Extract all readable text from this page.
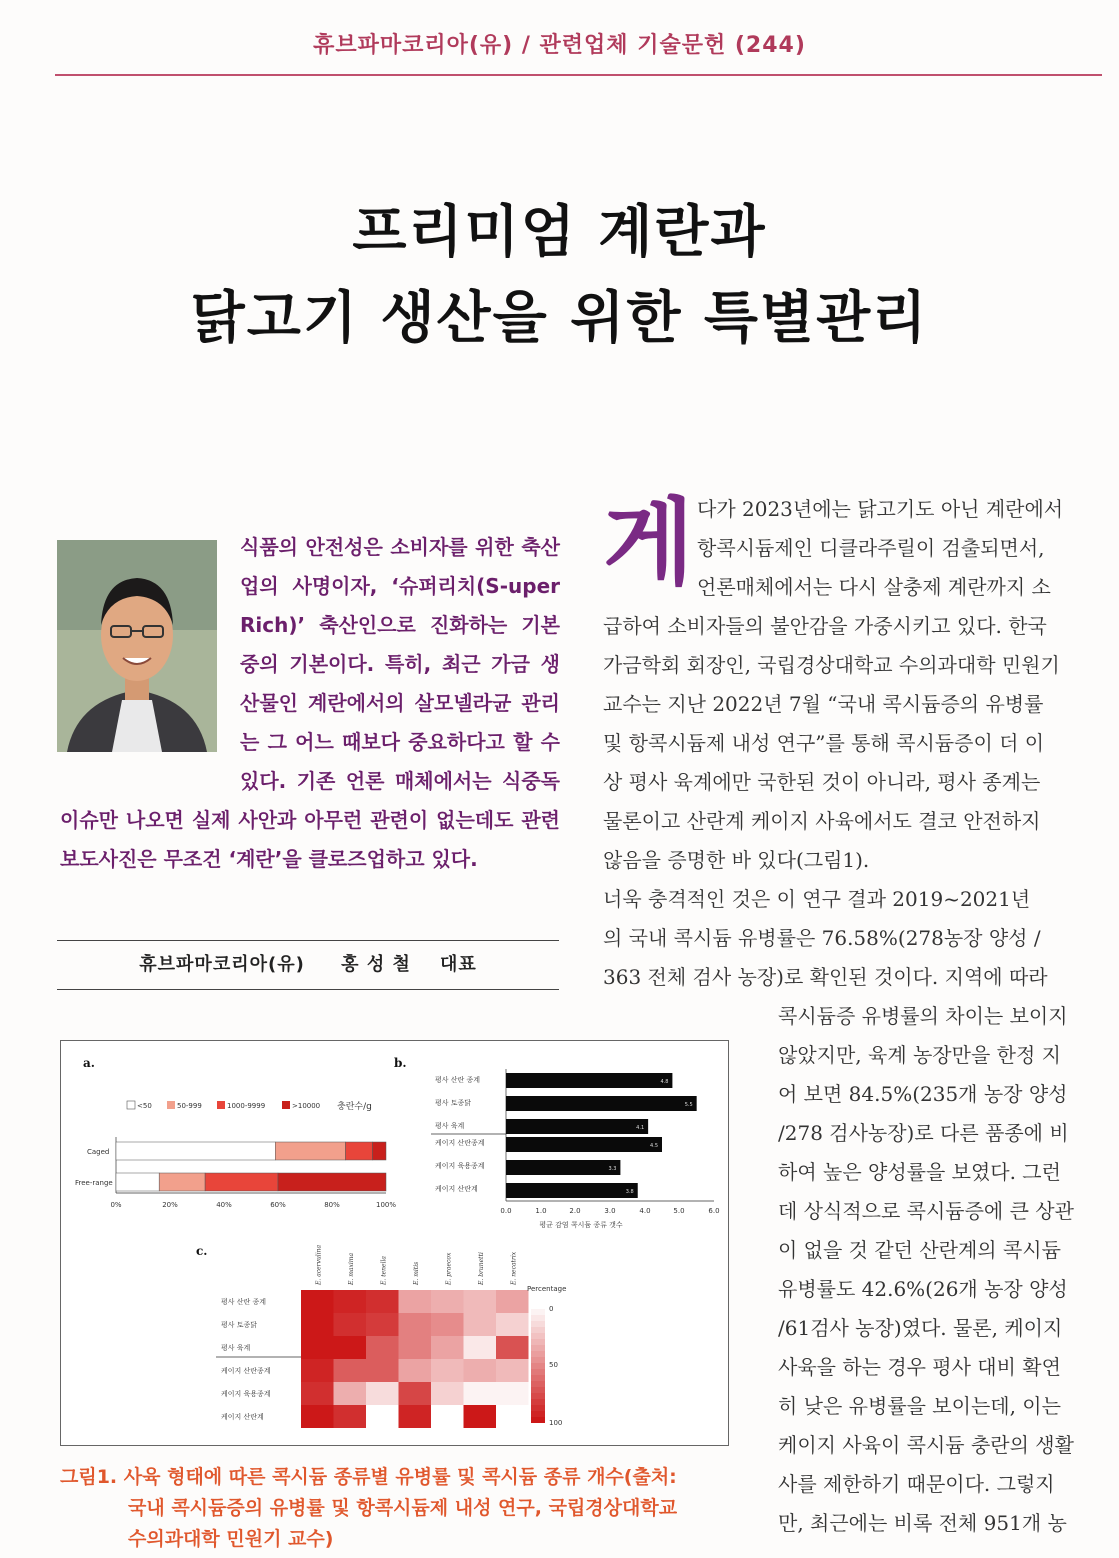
휴브파마코리아(유) / 관련업체 기술문헌 (244)
프리미엄 계란과
닭고기 생산을 위한 특별관리

식품의 안전성은 소비자를 위한 축산업의 사명이자, ‘슈퍼리치(S-uper Rich)’ 축산인으로 진화하는 기본 중의 기본이다. 특히, 최근 가금 생산물인 계란에서의 살모넬라균 관리는 그 어느 때보다 중요하다고 할 수 있다. 기존 언론 매체에서는 식중독 이슈만 나오면 실제 사안과 아무런 관련이 없는데도 관련 보도사진은 무조건 ‘계란’을 클로즈업하고 있다.

휴브파마코리아(유) 홍 성 철 대표
게 다가 2023년에는 닭고기도 아닌 계란에서
항콕시듐제인 디클라주릴이 검출되면서,
언론매체에서는 다시 살충제 계란까지 소
급하여 소비자들의 불안감을 가중시키고 있다. 한국
가금학회 회장인, 국립경상대학교 수의과대학 민원기
교수는 지난 2022년 7월 “국내 콕시듐증의 유병률
및 항콕시듐제 내성 연구”를 통해 콕시듐증이 더 이
상 평사 육계에만 국한된 것이 아니라, 평사 종계는
물론이고 산란계 케이지 사육에서도 결코 안전하지
않음을 증명한 바 있다(그림1).
너욱 충격적인 것은 이 연구 결과 2019~2021년
의 국내 콕시듐 유병률은 76.58%(278농장 양성 /
363 전체 검사 농장)로 확인된 것이다. 지역에 따라
콕시듐증 유병률의 차이는 보이지
않았지만, 육계 농장만을 한정 지
어 보면 84.5%(235개 농장 양성
/278 검사농장)로 다른 품종에 비
하여 높은 양성률을 보였다. 그런
데 상식적으로 콕시듐증에 큰 상관
이 없을 것 같던 산란계의 콕시듐
유병률도 42.6%(26개 농장 양성
/61검사 농장)였다. 물론, 케이지
사육을 하는 경우 평사 대비 확연
히 낮은 유병률을 보이는데, 이는
케이지 사육이 콕시듐 충란의 생활
사를 제한하기 때문이다. 그렇지
만, 최근에는 비록 전체 951개 농
a.	b.
c.
<50	50-999	1000-9999	>10000 충란수/g
Caged
Free-range
0%	20%	40%	60%	80%	100%
평사 산란 종계
평사 토종닭
평사 육계
케이지 산란종계
케이지 육용종계
케이지 산란계
4.8
5.5
4.1
4.5
3.3
3.8
0.0	1.0	2.0	3.0	4.0	5.0	6.0
평균 감염 콕시듐 종류 갯수
E. acervulina	E. maxima	E. tenella	E. mitis	E. praecox	E. brunetti	E. necatrix
평사 산란 종계
평사 토종닭
평사 육계
케이지 산란종계
케이지 육용종계
케이지 산란계
Percentage
0
50
100
그림1. 사육 형태에 따른 콕시듐 종류별 유병률 및 콕시듐 종류 개수(출처:
국내 콕시듐증의 유병률 및 항콕시듐제 내성 연구, 국립경상대학교
수의과대학 민원기 교수)
